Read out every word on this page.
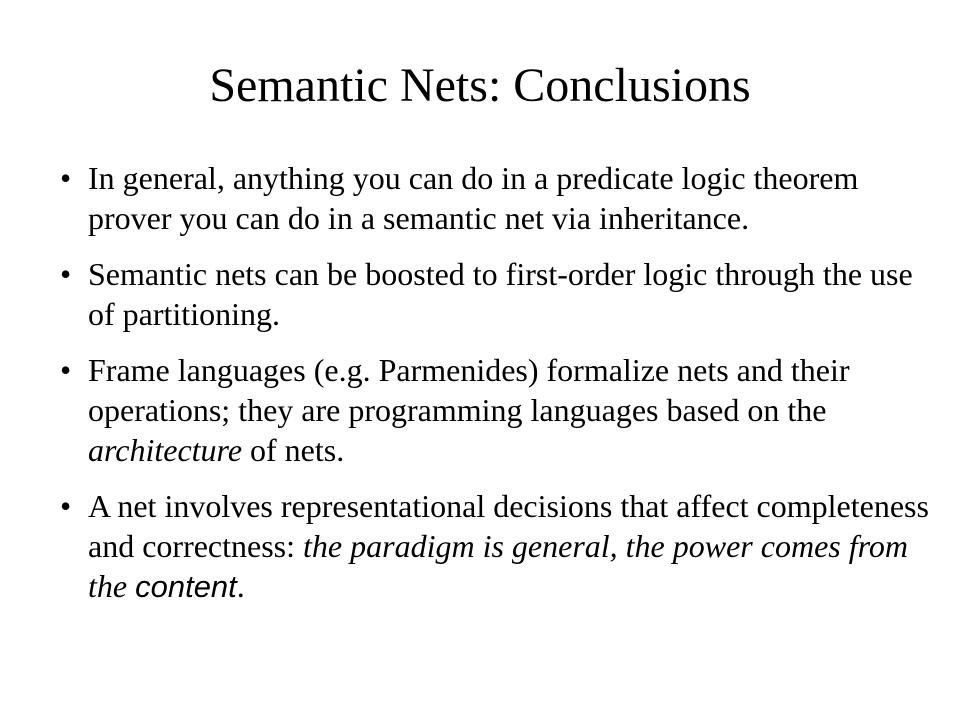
Semantic Nets: Conclusions
• In general, anything you can do in a predicate logic theorem prover you can do in a semantic net via inheritance.
• Semantic nets can be boosted to first-order logic through the use of partitioning.
• Frame languages (e.g. Parmenides) formalize nets and their operations; they are programming languages based on the architecture of nets.
• A net involves representational decisions that affect completeness and correctness: the paradigm is general, the power comes from the content.
